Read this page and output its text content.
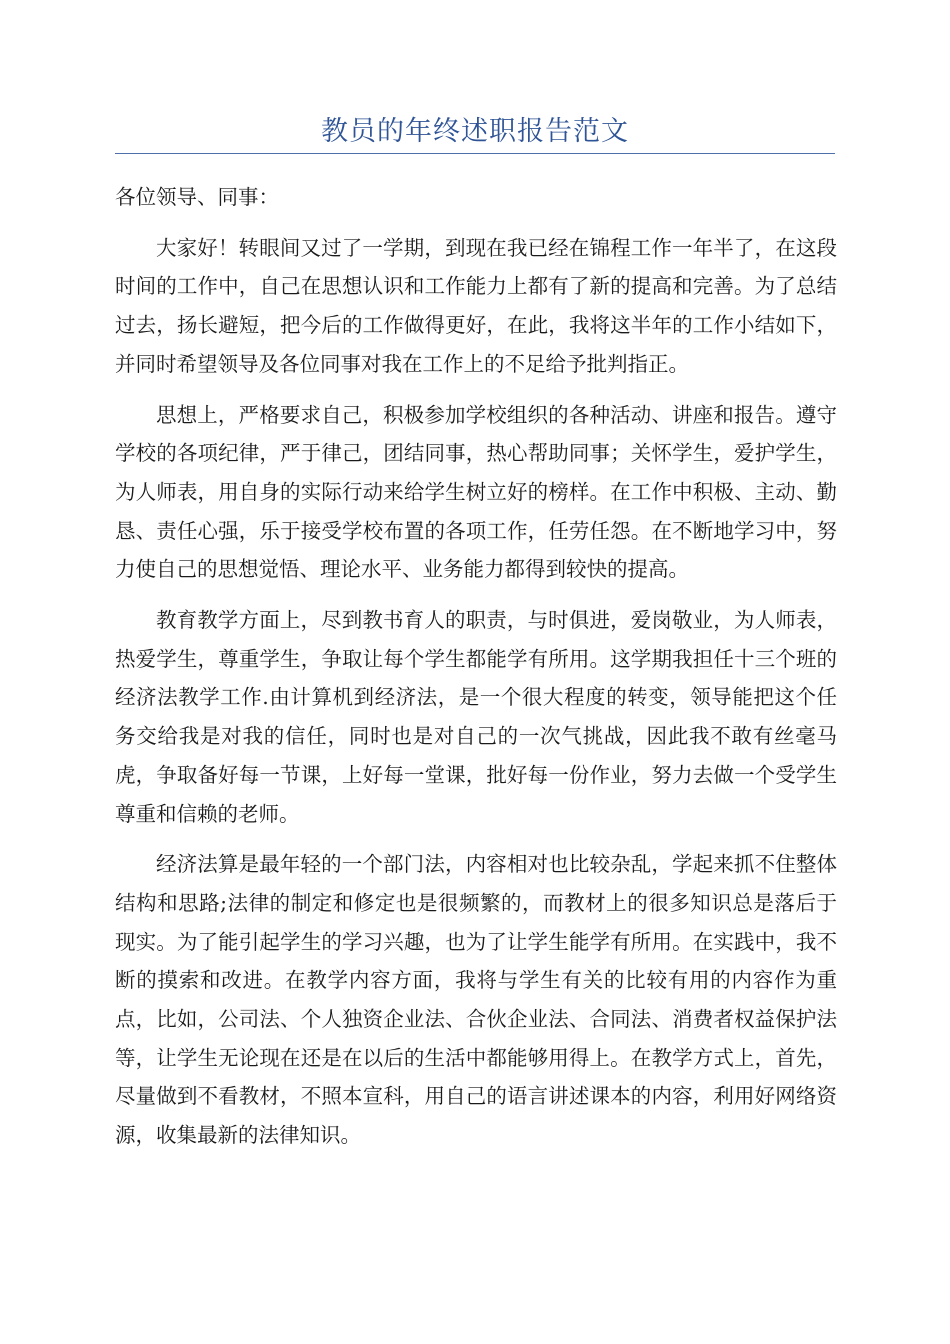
教员的年终述职报告范文

各位领导、同事：

大家好！转眼间又过了一学期，到现在我已经在锦程工作一年半了，在这段时间的工作中，自己在思想认识和工作能力上都有了新的提高和完善。为了总结过去，扬长避短，把今后的工作做得更好，在此，我将这半年的工作小结如下，并同时希望领导及各位同事对我在工作上的不足给予批判指正。

思想上，严格要求自己，积极参加学校组织的各种活动、讲座和报告。遵守学校的各项纪律，严于律己，团结同事，热心帮助同事；关怀学生，爱护学生，为人师表，用自身的实际行动来给学生树立好的榜样。在工作中积极、主动、勤恳、责任心强，乐于接受学校布置的各项工作，任劳任怨。在不断地学习中，努力使自己的思想觉悟、理论水平、业务能力都得到较快的提高。

教育教学方面上，尽到教书育人的职责，与时俱进，爱岗敬业，为人师表，热爱学生，尊重学生，争取让每个学生都能学有所用。这学期我担任十三个班的经济法教学工作.由计算机到经济法，是一个很大程度的转变，领导能把这个任务交给我是对我的信任，同时也是对自己的一次气挑战，因此我不敢有丝毫马虎，争取备好每一节课，上好每一堂课，批好每一份作业，努力去做一个受学生尊重和信赖的老师。

经济法算是最年轻的一个部门法，内容相对也比较杂乱，学起来抓不住整体结构和思路;法律的制定和修定也是很频繁的，而教材上的很多知识总是落后于现实。为了能引起学生的学习兴趣，也为了让学生能学有所用。在实践中，我不断的摸索和改进。在教学内容方面，我将与学生有关的比较有用的内容作为重点，比如，公司法、个人独资企业法、合伙企业法、合同法、消费者权益保护法等，让学生无论现在还是在以后的生活中都能够用得上。在教学方式上，首先，尽量做到不看教材，不照本宣科，用自己的语言讲述课本的内容，利用好网络资源，收集最新的法律知识。
